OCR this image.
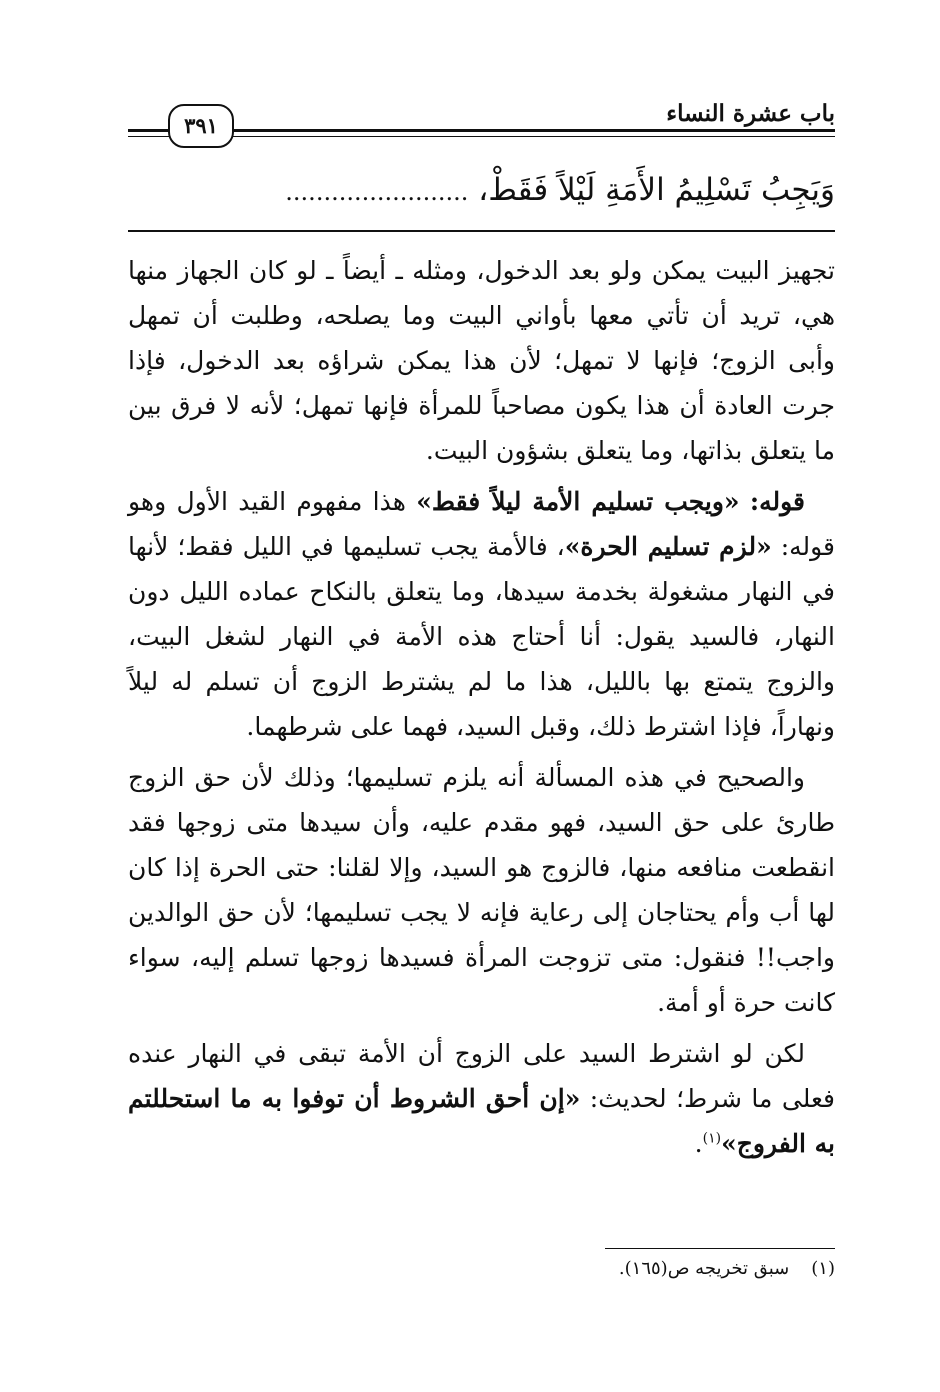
باب عشرة النساء
٣٩١
وَيَجِبُ تَسْلِيمُ الأَمَةِ لَيْلاً فَقَطْ، ........................

تجهيز البيت يمكن ولو بعد الدخول، ومثله ـ أيضاً ـ لو كان الجهاز منها هي، تريد أن تأتي معها بأواني البيت وما يصلحه، وطلبت أن تمهل وأبى الزوج؛ فإنها لا تمهل؛ لأن هذا يمكن شراؤه بعد الدخول، فإذا جرت العادة أن هذا يكون مصاحباً للمرأة فإنها تمهل؛ لأنه لا فرق بين ما يتعلق بذاتها، وما يتعلق بشؤون البيت.

قوله: «ويجب تسليم الأمة ليلاً فقط» هذا مفهوم القيد الأول وهو قوله: «لزم تسليم الحرة»، فالأمة يجب تسليمها في الليل فقط؛ لأنها في النهار مشغولة بخدمة سيدها، وما يتعلق بالنكاح عماده الليل دون النهار، فالسيد يقول: أنا أحتاج هذه الأمة في النهار لشغل البيت، والزوج يتمتع بها بالليل، هذا ما لم يشترط الزوج أن تسلم له ليلاً ونهاراً، فإذا اشترط ذلك، وقبل السيد، فهما على شرطهما.

والصحيح في هذه المسألة أنه يلزم تسليمها؛ وذلك لأن حق الزوج طارئ على حق السيد، فهو مقدم عليه، وأن سيدها متى زوجها فقد انقطعت منافعه منها، فالزوج هو السيد، وإلا لقلنا: حتى الحرة إذا كان لها أب وأم يحتاجان إلى رعاية فإنه لا يجب تسليمها؛ لأن حق الوالدين واجب!! فنقول: متى تزوجت المرأة فسيدها زوجها تسلم إليه، سواء كانت حرة أو أمة.

لكن لو اشترط السيد على الزوج أن الأمة تبقى في النهار عنده فعلى ما شرط؛ لحديث: «إن أحق الشروط أن توفوا به ما استحللتم به الفروج»$^{(١)}$.

(١)سبق تخريجه ص(١٦٥).
